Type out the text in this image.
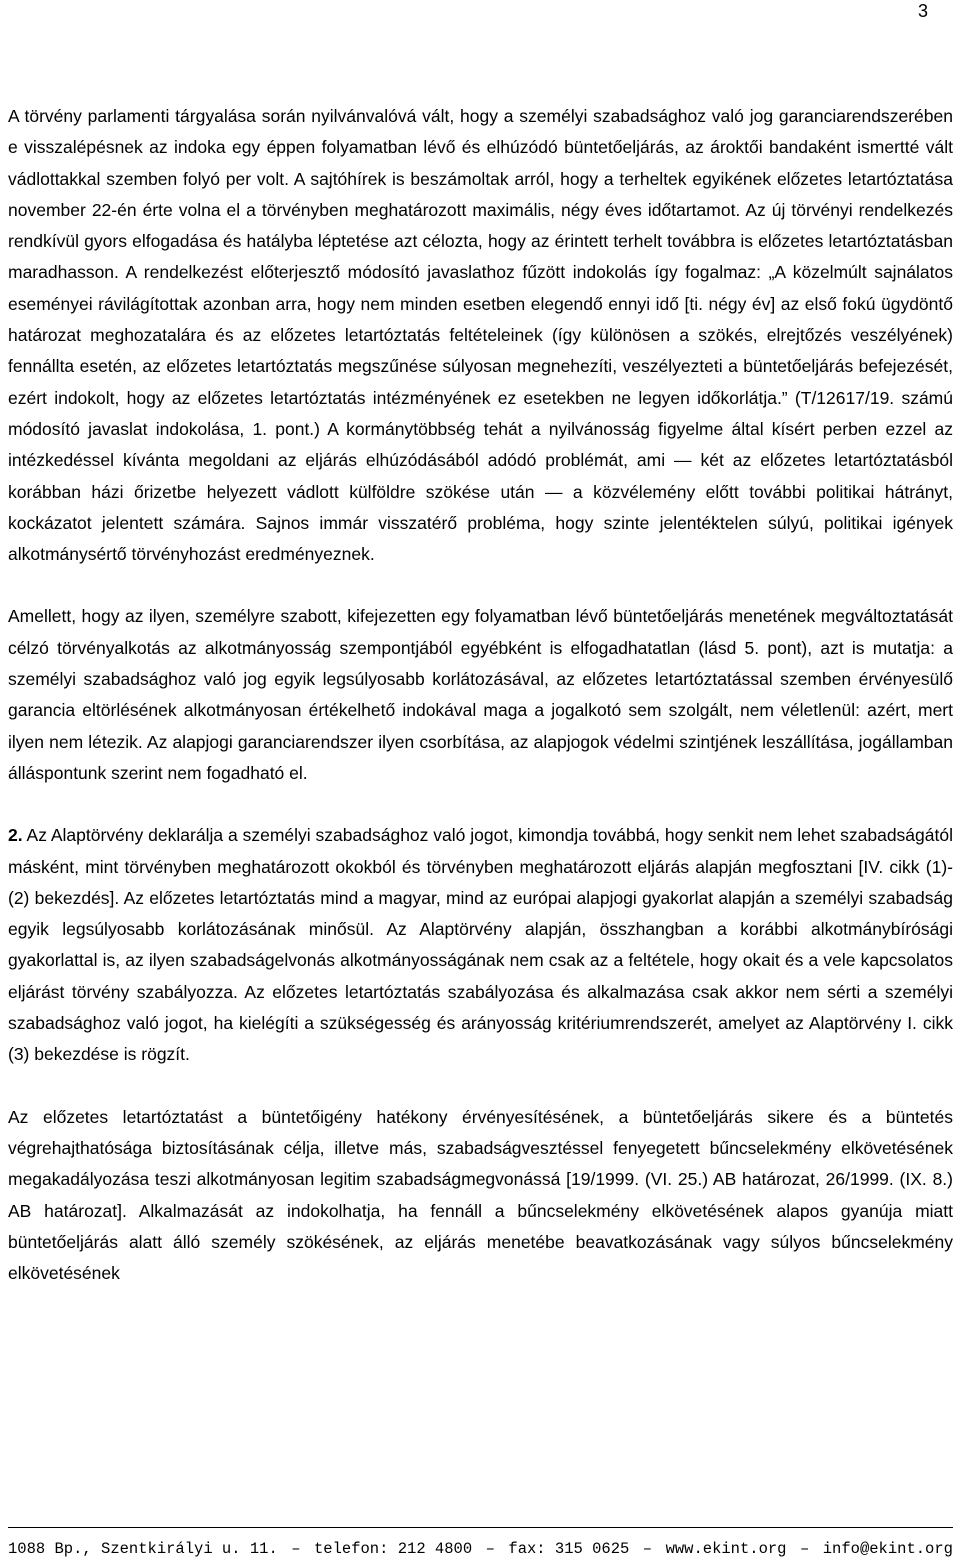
3

A törvény parlamenti tárgyalása során nyilvánvalóvá vált, hogy a személyi szabadsághoz való jog garanciarendszerében e visszalépésnek az indoka egy éppen folyamatban lévő és elhúzódó büntetőeljárás, az ároktői bandaként ismertté vált vádlottakkal szemben folyó per volt. A sajtóhírek is beszámoltak arról, hogy a terheltek egyikének előzetes letartóztatása november 22-én érte volna el a törvényben meghatározott maximális, négy éves időtartamot. Az új törvényi rendelkezés rendkívül gyors elfogadása és hatályba léptetése azt célozta, hogy az érintett terhelt továbbra is előzetes letartóztatásban maradhasson. A rendelkezést előterjesztő módosító javaslathoz fűzött indokolás így fogalmaz: „A közelmúlt sajnálatos eseményei rávilágítottak azonban arra, hogy nem minden esetben elegendő ennyi idő [ti. négy év] az első fokú ügydöntő határozat meghozatalára és az előzetes letartóztatás feltételeinek (így különösen a szökés, elrejtőzés veszélyének) fennállta esetén, az előzetes letartóztatás megszűnése súlyosan megnehezíti, veszélyezteti a büntetőeljárás befejezését, ezért indokolt, hogy az előzetes letartóztatás intézményének ez esetekben ne legyen időkorlátja.” (T/12617/19. számú módosító javaslat indokolása, 1. pont.) A kormánytöbbség tehát a nyilvánosság figyelme által kísért perben ezzel az intézkedéssel kívánta megoldani az eljárás elhúzódásából adódó problémát, ami — két az előzetes letartóztatásból korábban házi őrizetbe helyezett vádlott külföldre szökése után — a közvélemény előtt további politikai hátrányt, kockázatot jelentett számára. Sajnos immár visszatérő probléma, hogy szinte jelentéktelen súlyú, politikai igények alkotmánysértő törvényhozást eredményeznek.

Amellett, hogy az ilyen, személyre szabott, kifejezetten egy folyamatban lévő büntetőeljárás menetének megváltoztatását célzó törvényalkotás az alkotmányosság szempontjából egyébként is elfogadhatatlan (lásd 5. pont), azt is mutatja: a személyi szabadsághoz való jog egyik legsúlyosabb korlátozásával, az előzetes letartóztatással szemben érvényesülő garancia eltörlésének alkotmányosan értékelhető indokával maga a jogalkotó sem szolgált, nem véletlenül: azért, mert ilyen nem létezik. Az alapjogi garanciarendszer ilyen csorbítása, az alapjogok védelmi szintjének leszállítása, jogállamban álláspontunk szerint nem fogadható el.

2. Az Alaptörvény deklarálja a személyi szabadsághoz való jogot, kimondja továbbá, hogy senkit nem lehet szabadságától másként, mint törvényben meghatározott okokból és törvényben meghatározott eljárás alapján megfosztani [IV. cikk (1)-(2) bekezdés]. Az előzetes letartóztatás mind a magyar, mind az európai alapjogi gyakorlat alapján a személyi szabadság egyik legsúlyosabb korlátozásának minősül. Az Alaptörvény alapján, összhangban a korábbi alkotmánybírósági gyakorlattal is, az ilyen szabadságelvonás alkotmányosságának nem csak az a feltétele, hogy okait és a vele kapcsolatos eljárást törvény szabályozza. Az előzetes letartóztatás szabályozása és alkalmazása csak akkor nem sérti a személyi szabadsághoz való jogot, ha kielégíti a szükségesség és arányosság kritériumrendszerét, amelyet az Alaptörvény I. cikk (3) bekezdése is rögzít.

Az előzetes letartóztatást a büntetőigény hatékony érvényesítésének, a büntetőeljárás sikere és a büntetés végrehajthatósága biztosításának célja, illetve más, szabadságvesztéssel fenyegetett bűncselekmény elkövetésének megakadályozása teszi alkotmányosan legitim szabadságmegvonássá [19/1999. (VI. 25.) AB határozat, 26/1999. (IX. 8.) AB határozat]. Alkalmazását az indokolhatja, ha fennáll a bűncselekmény elkövetésének alapos gyanúja miatt büntetőeljárás alatt álló személy szökésének, az eljárás menetébe beavatkozásának vagy súlyos bűncselekmény elkövetésének

1088 Bp., Szentkirályi u. 11. – telefon: 212 4800 – fax: 315 0625 – www.ekint.org – info@ekint.org
